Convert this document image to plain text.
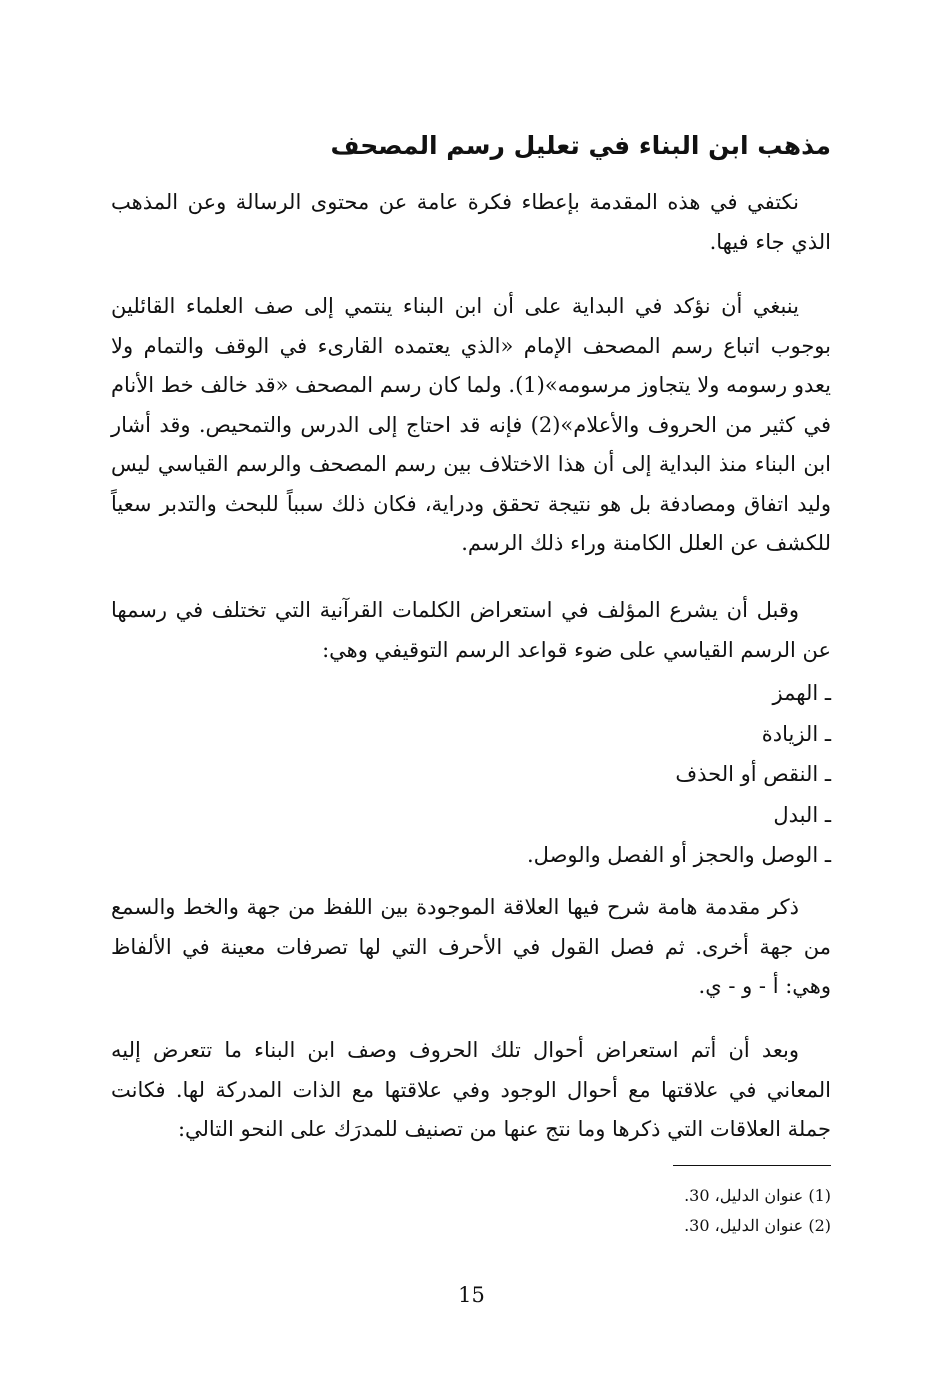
مذهب ابن البناء في تعليل رسم المصحف

نكتفي في هذه المقدمة بإعطاء فكرة عامة عن محتوى الرسالة وعن المذهب الذي جاء فيها.

ينبغي أن نؤكد في البداية على أن ابن البناء ينتمي إلى صف العلماء القائلين بوجوب اتباع رسم المصحف الإمام «الذي يعتمده القارىء في الوقف والتمام ولا يعدو رسومه ولا يتجاوز مرسومه»(1). ولما كان رسم المصحف «قد خالف خط الأنام في كثير من الحروف والأعلام»(2) فإنه قد احتاج إلى الدرس والتمحيص. وقد أشار ابن البناء منذ البداية إلى أن هذا الاختلاف بين رسم المصحف والرسم القياسي ليس وليد اتفاق ومصادفة بل هو نتيجة تحقق ودراية، فكان ذلك سبباً للبحث والتدبر سعياً للكشف عن العلل الكامنة وراء ذلك الرسم.

وقبل أن يشرع المؤلف في استعراض الكلمات القرآنية التي تختلف في رسمها عن الرسم القياسي على ضوء قواعد الرسم التوقيفي وهي:

ـ الهمز
ـ الزيادة
ـ النقص أو الحذف
ـ البدل
ـ الوصل والحجز أو الفصل والوصل.

ذكر مقدمة هامة شرح فيها العلاقة الموجودة بين اللفظ من جهة والخط والسمع من جهة أخرى. ثم فصل القول في الأحرف التي لها تصرفات معينة في الألفاظ وهي: أ - و - ي.

وبعد أن أتم استعراض أحوال تلك الحروف وصف ابن البناء ما تتعرض إليه المعاني في علاقتها مع أحوال الوجود وفي علاقتها مع الذات المدركة لها. فكانت جملة العلاقات التي ذكرها وما نتج عنها من تصنيف للمدرَك على النحو التالي:

(1) عنوان الدليل، 30.
(2) عنوان الدليل، 30.
15
